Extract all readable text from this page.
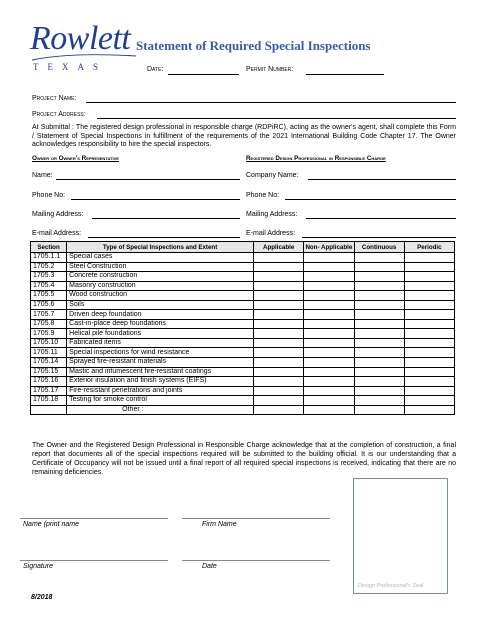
Rowlett
TEXAS
Statement of Required Special Inspections
Date:	Permit Number:
Project Name:
Project Address:
At Submittal : The registered design professional in responsible charge (RDPiRC), acting as the owner's agent, shall complete this Form / Statement of Special Inspections in fulfillment of the requirements of the 2021 International Building Code Chapter 17. The Owner acknowledges responsibility to hire the special inspectors.
Owner or Owner's Representative	Registered Design Professional in Responsible Charge
Name:
Phone No:
Mailing Address:
E-mail Address:
Company Name:
Phone No:
Mailing Address:
E-mail Address:
Section	Type of Special Inspections and Extent	Applicable	Non- Applicable	Continuous	Periodic
1705.1.1	Special cases				
1705.2	Steel Construction				
1705.3	Concrete construction				
1705.4	Masonry construction				
1705.5	Wood construction				
1705.6	Soils				
1705.7	Driven deep foundation				
1705.8	Cast-in-place deep foundations				
1705.9	Helical pile foundations				
1705.10	Fabricated items				
1705.11	Special inspections for wind resistance				
1705.14	Sprayed fire-resistant materials				
1705.15	Mastic and intumescent fire-resistant coatings				
1705.16	Exterior insulation and finish systems (EIFS)				
1705.17	Fire-resistant penetrations and joints				
1705.18	Testing for smoke control				
	Other :				
The Owner and the Registered Design Professional in Responsible Charge acknowledge that at the completion of construction, a final report that documents all of the special inspections required will be submitted to the building official. It is our understanding that a Certificate of Occupancy will not be issued until a final report of all required special inspections is received, indicating that there are no remaining deficiencies.
Design Professional's Seal
Name (print name	Firm Name
Signature	Date
8/2018
